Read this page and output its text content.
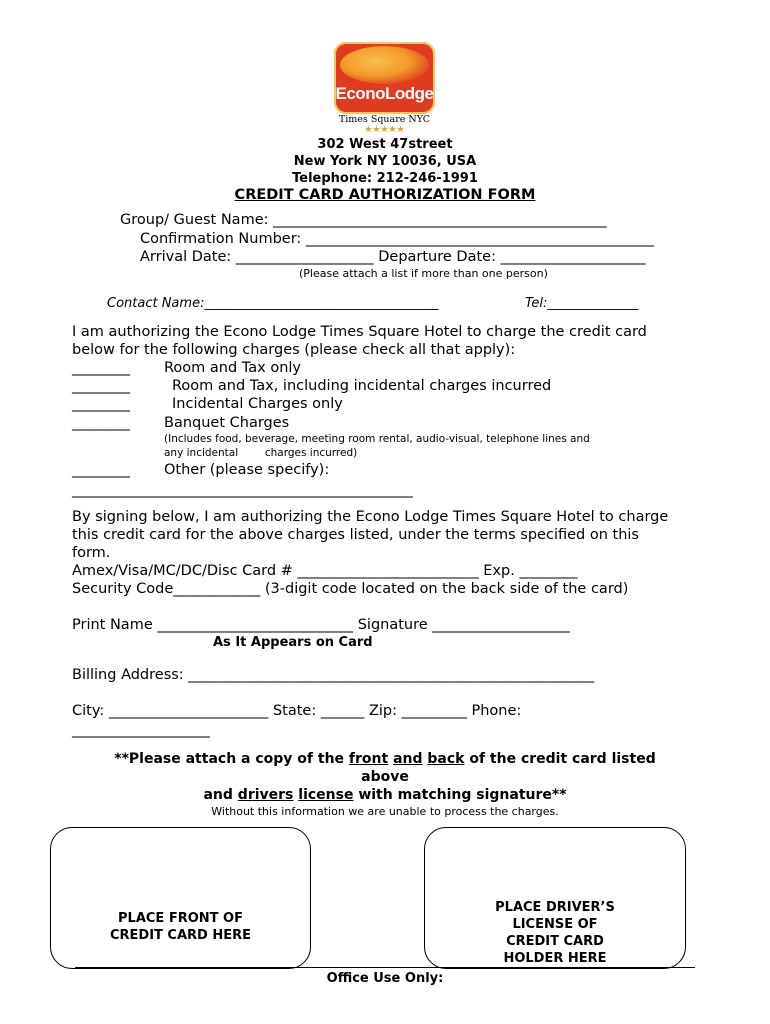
EconoLodge
Times Square NYC
★★★★★
302 West 47street
New York NY 10036, USA
Telephone: 212-246-1991
CREDIT CARD AUTHORIZATION FORM
Group/ Guest Name: ______________________________________________
Confirmation Number: ________________________________________________
Arrival Date: ___________________ Departure Date: ____________________
(Please attach a list if more than one person)
Contact Name:____________________________________	Tel:______________
I am authorizing the Econo Lodge Times Square Hotel to charge the credit card
below for the following charges (please check all that apply):
________ Room and Tax only
________	Room and Tax, including incidental charges incurred
________	Incidental Charges only
________ Banquet Charges
(Includes food, beverage, meeting room rental, audio-visual, telephone lines and
any incidental        charges incurred)
________ Other (please specify):
_______________________________________________
By signing below, I am authorizing the Econo Lodge Times Square Hotel to charge
this credit card for the above charges listed, under the terms specified on this
form.
Amex/Visa/MC/DC/Disc Card # _________________________ Exp. ________
Security Code____________ (3-digit code located on the back side of the card)
Print Name ___________________________ Signature ___________________
As It Appears on Card
Billing Address: ________________________________________________________
City: ______________________ State: ______ Zip: _________ Phone:
___________________
**Please attach a copy of the front and back of the credit card listed
above
and drivers license with matching signature**
Without this information we are unable to process the charges.
PLACE FRONT OF
CREDIT CARD HERE
PLACE DRIVER’S
LICENSE OF
CREDIT CARD
HOLDER HERE
Office Use Only:
